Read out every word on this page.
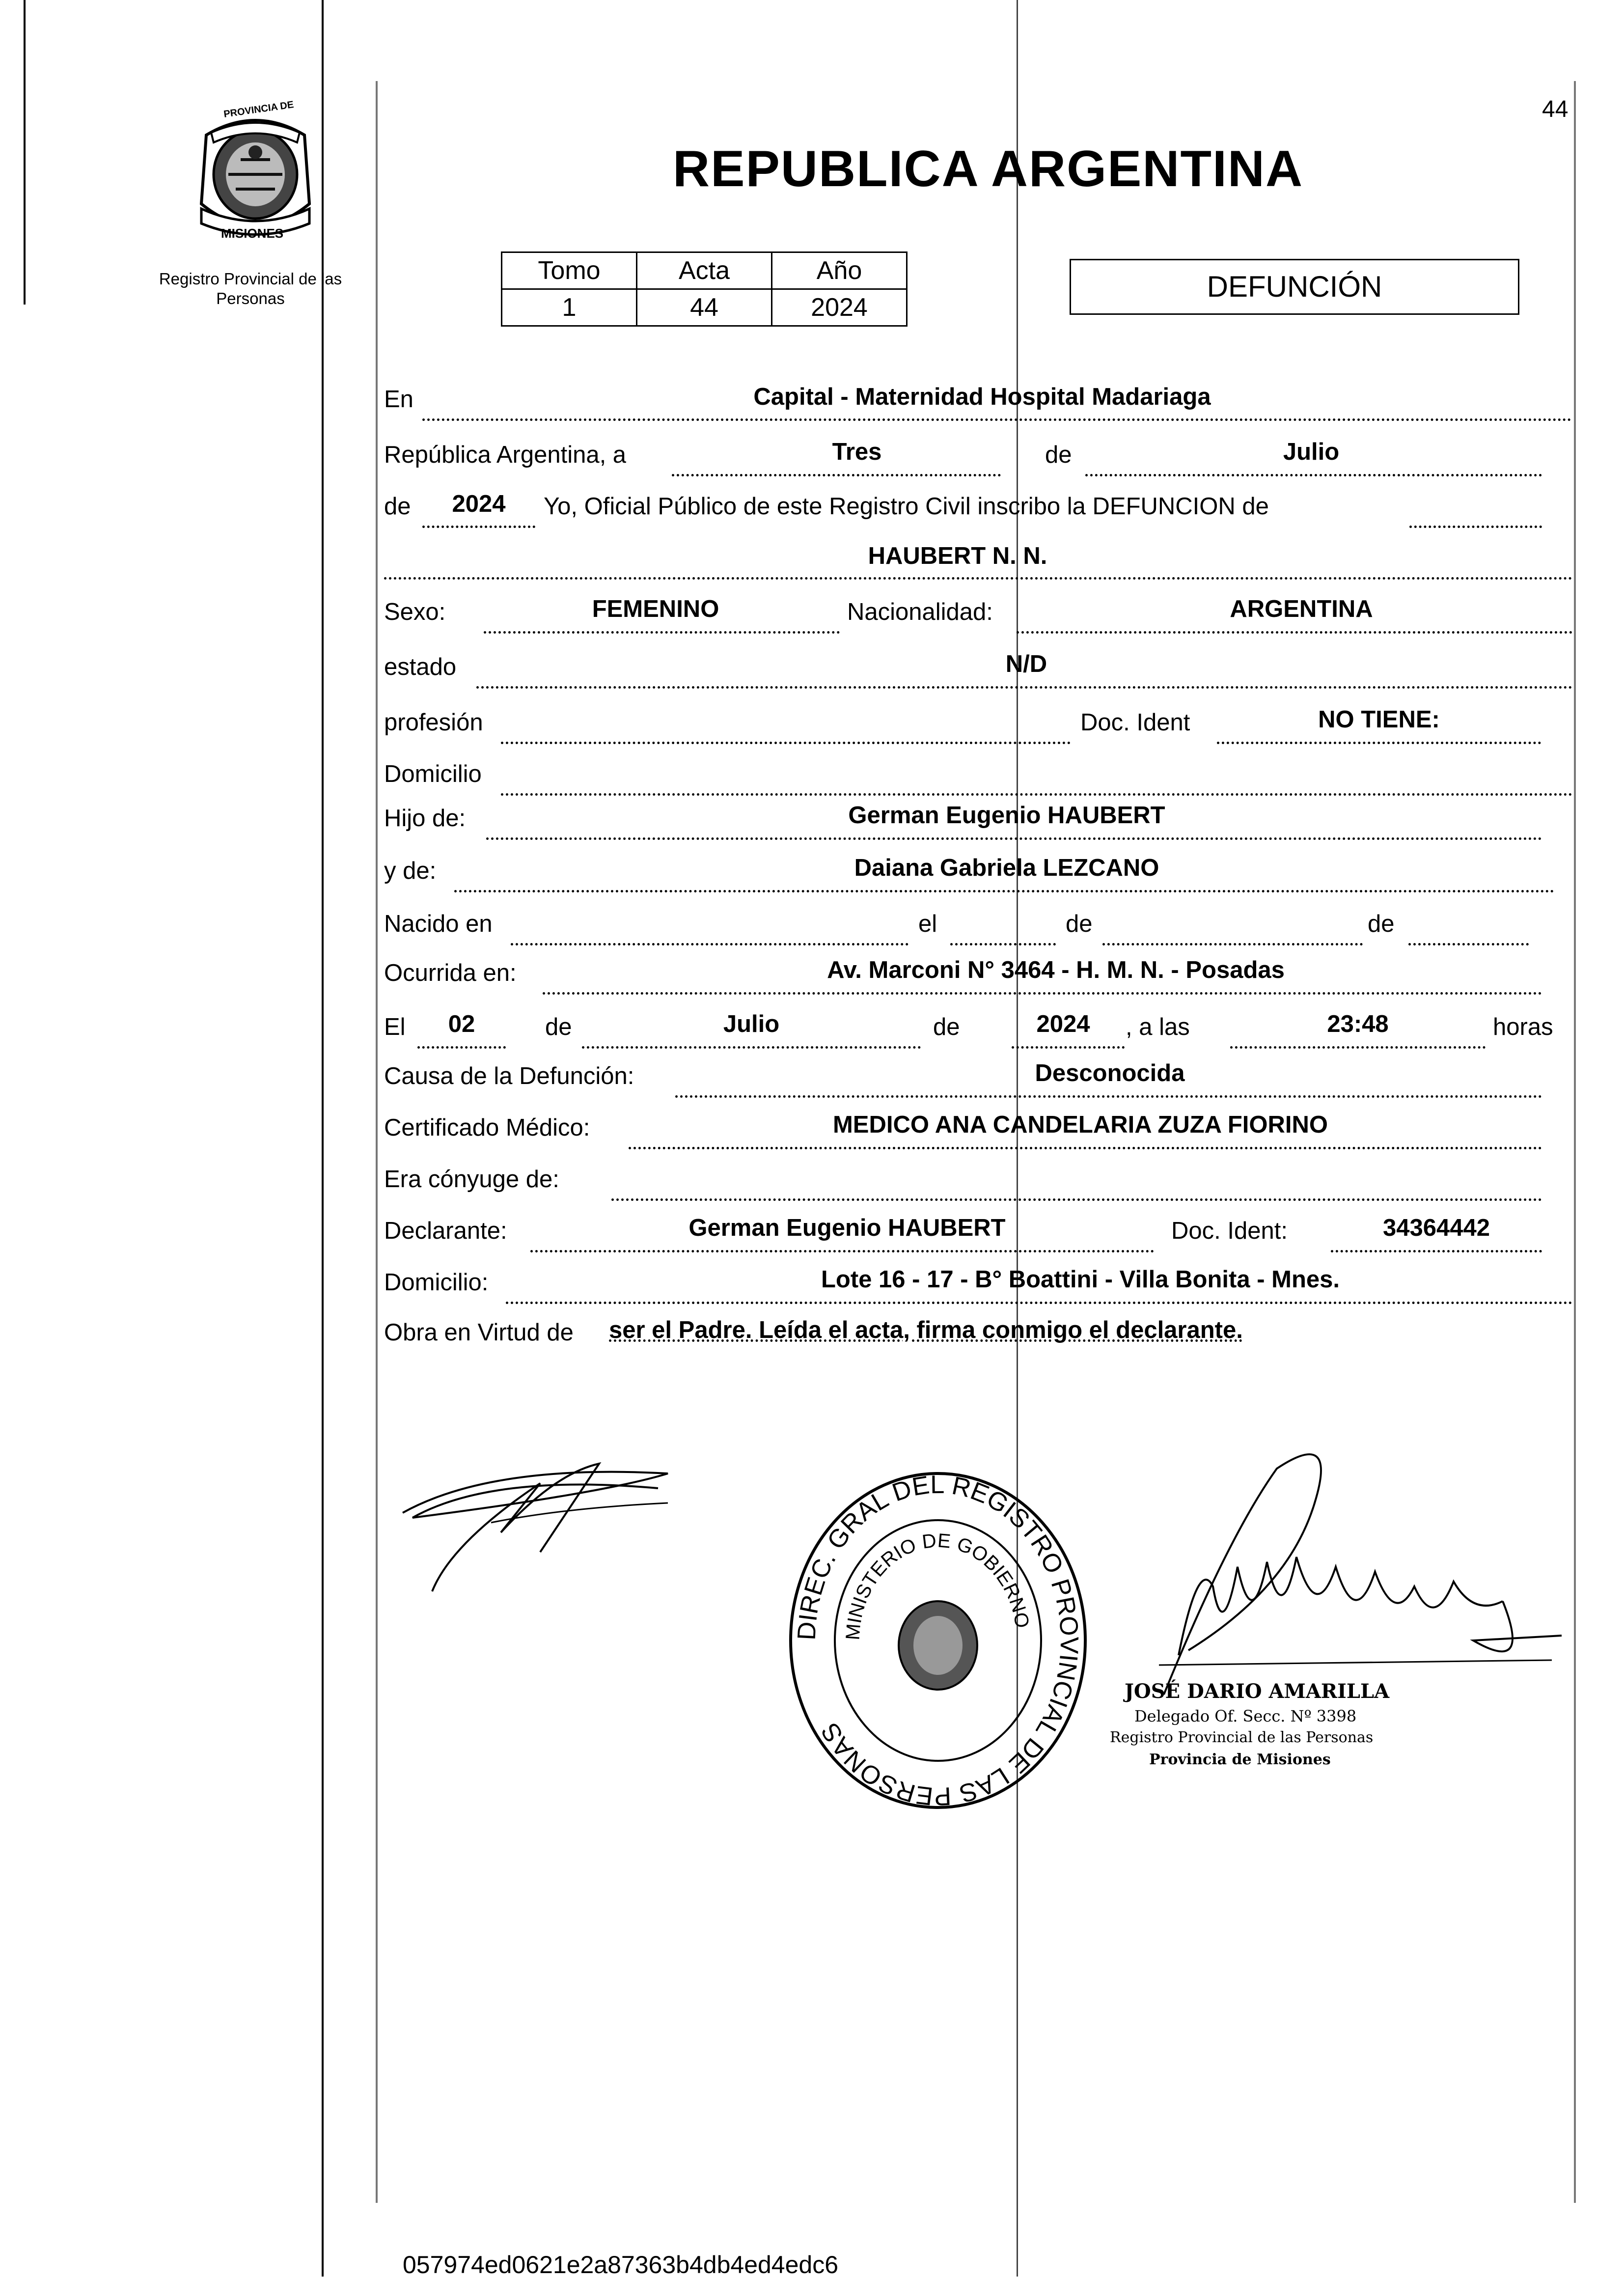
44
PROVINCIA DE
MISIONES
Registro Provincial de las Personas
REPUBLICA ARGENTINA
Tomo	Acta	Año
1	44	2024
DEFUNCIÓN
En	Capital - Maternidad Hospital Madariaga
República Argentina, a	Tres	de	Julio
de	2024	Yo, Oficial Público de este Registro Civil inscribo la DEFUNCION de
HAUBERT N. N.
Sexo:	FEMENINO	Nacionalidad:	ARGENTINA
estado	N/D
profesión	Doc. Ident	NO TIENE:
Domicilio
Hijo de:	German Eugenio HAUBERT
y de:	Daiana Gabriela LEZCANO
Nacido en	el	de	de
Ocurrida en:	Av. Marconi N° 3464 - H. M. N. - Posadas
El	02	de	Julio	de	2024	, a las	23:48	horas
Causa de la Defunción:	Desconocida
Certificado Médico:	MEDICO ANA CANDELARIA ZUZA FIORINO
Era cónyuge de:
Declarante:	German Eugenio HAUBERT	Doc. Ident:	34364442
Domicilio:	Lote 16 - 17 - B° Boattini - Villa Bonita - Mnes.
Obra en Virtud de ser el Padre. Leída el acta, firma conmigo el declarante.
DIREC. GRAL DEL REGISTRO PROVINCIAL DE LAS PERSONAS
MINISTERIO DE GOBIERNO
JOSÉ DARIO AMARILLA
Delegado Of. Secc. Nº 3398
Registro Provincial de las Personas
Provincia de Misiones
057974ed0621e2a87363b4db4ed4edc6
